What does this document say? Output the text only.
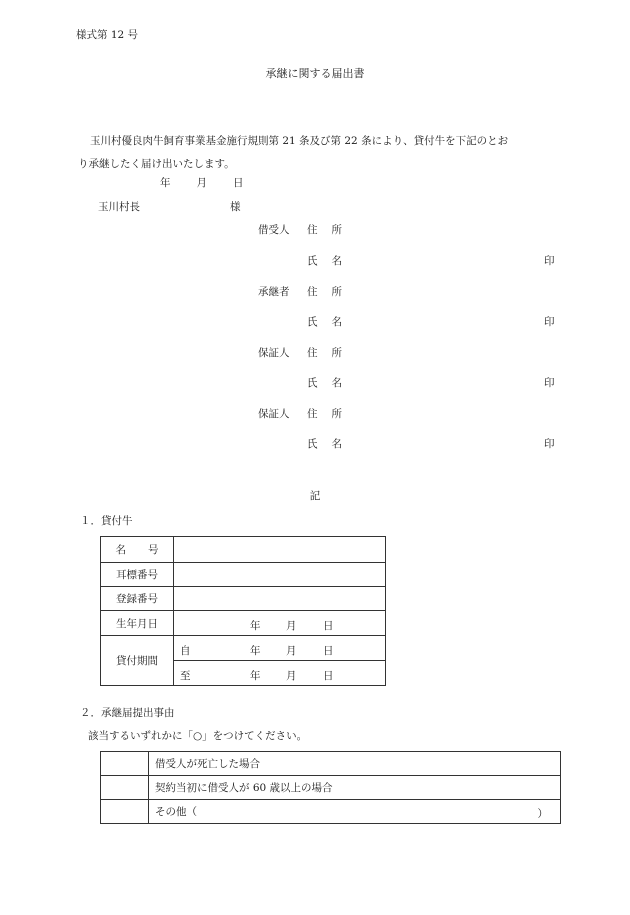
様式第 12 号
承継に関する届出書
玉川村優良肉牛飼育事業基金施行規則第 21 条及び第 22 条により、貸付牛を下記のとお
り承継したく届け出いたします。
年 月 日
玉川村長	様
借受人 住 所
氏 名	印
承継者 住 所
氏 名	印
保証人 住 所
氏 名	印
保証人 住 所
氏 名	印
記
１．貸付牛
名 号	
耳標番号	
登録番号	
生年月日	年 月 日

貸付期間	自 年 月 日

	至 年 月 日
２．承継届提出事由
該当するいずれかに「○」をつけてください。
	借受人が死亡した場合
	契約当初に借受人が 60 歳以上の場合
	その他（ ）
